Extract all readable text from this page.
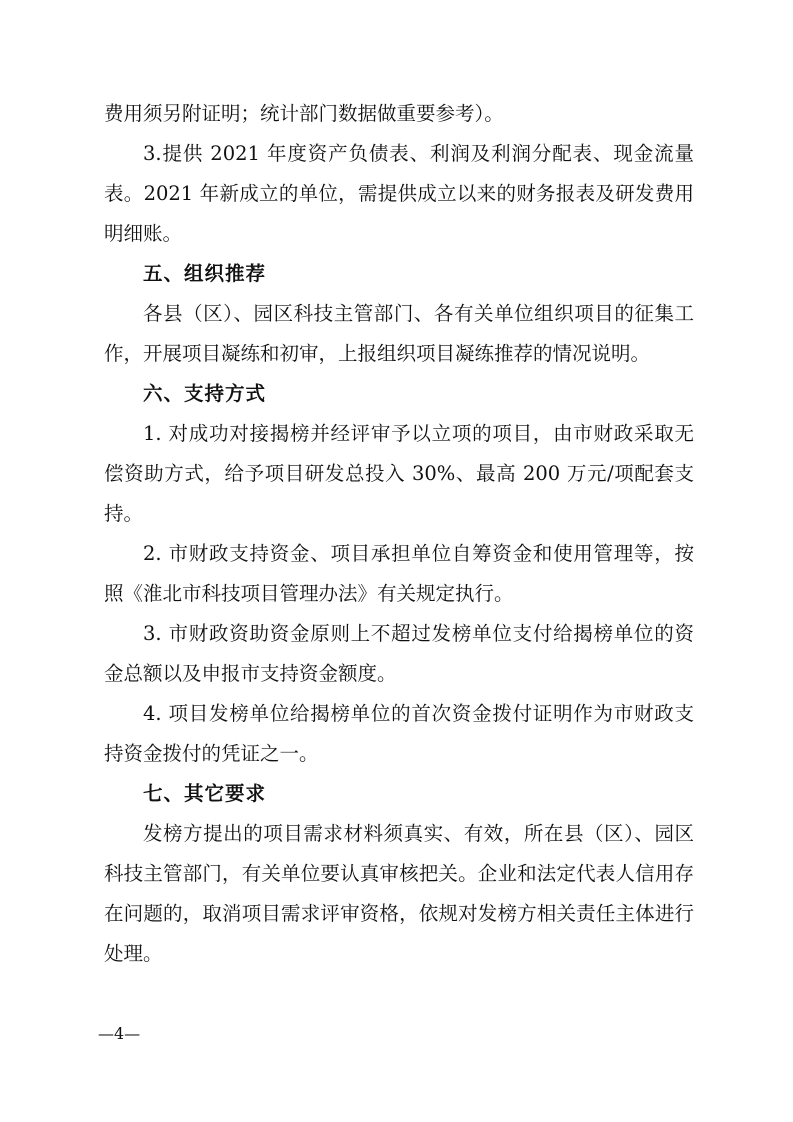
费用须另附证明；统计部门数据做重要参考）。

3.提供 2021 年度资产负债表、利润及利润分配表、现金流量表。2021 年新成立的单位，需提供成立以来的财务报表及研发费用明细账。

五、组织推荐

各县（区）、园区科技主管部门、各有关单位组织项目的征集工作，开展项目凝练和初审，上报组织项目凝练推荐的情况说明。

六、支持方式

1. 对成功对接揭榜并经评审予以立项的项目，由市财政采取无偿资助方式，给予项目研发总投入 30%、最高 200 万元/项配套支持。

2. 市财政支持资金、项目承担单位自筹资金和使用管理等，按照《淮北市科技项目管理办法》有关规定执行。

3. 市财政资助资金原则上不超过发榜单位支付给揭榜单位的资金总额以及申报市支持资金额度。

4. 项目发榜单位给揭榜单位的首次资金拨付证明作为市财政支持资金拨付的凭证之一。

七、其它要求

发榜方提出的项目需求材料须真实、有效，所在县（区）、园区科技主管部门，有关单位要认真审核把关。企业和法定代表人信用存在问题的，取消项目需求评审资格，依规对发榜方相关责任主体进行处理。

—4—
